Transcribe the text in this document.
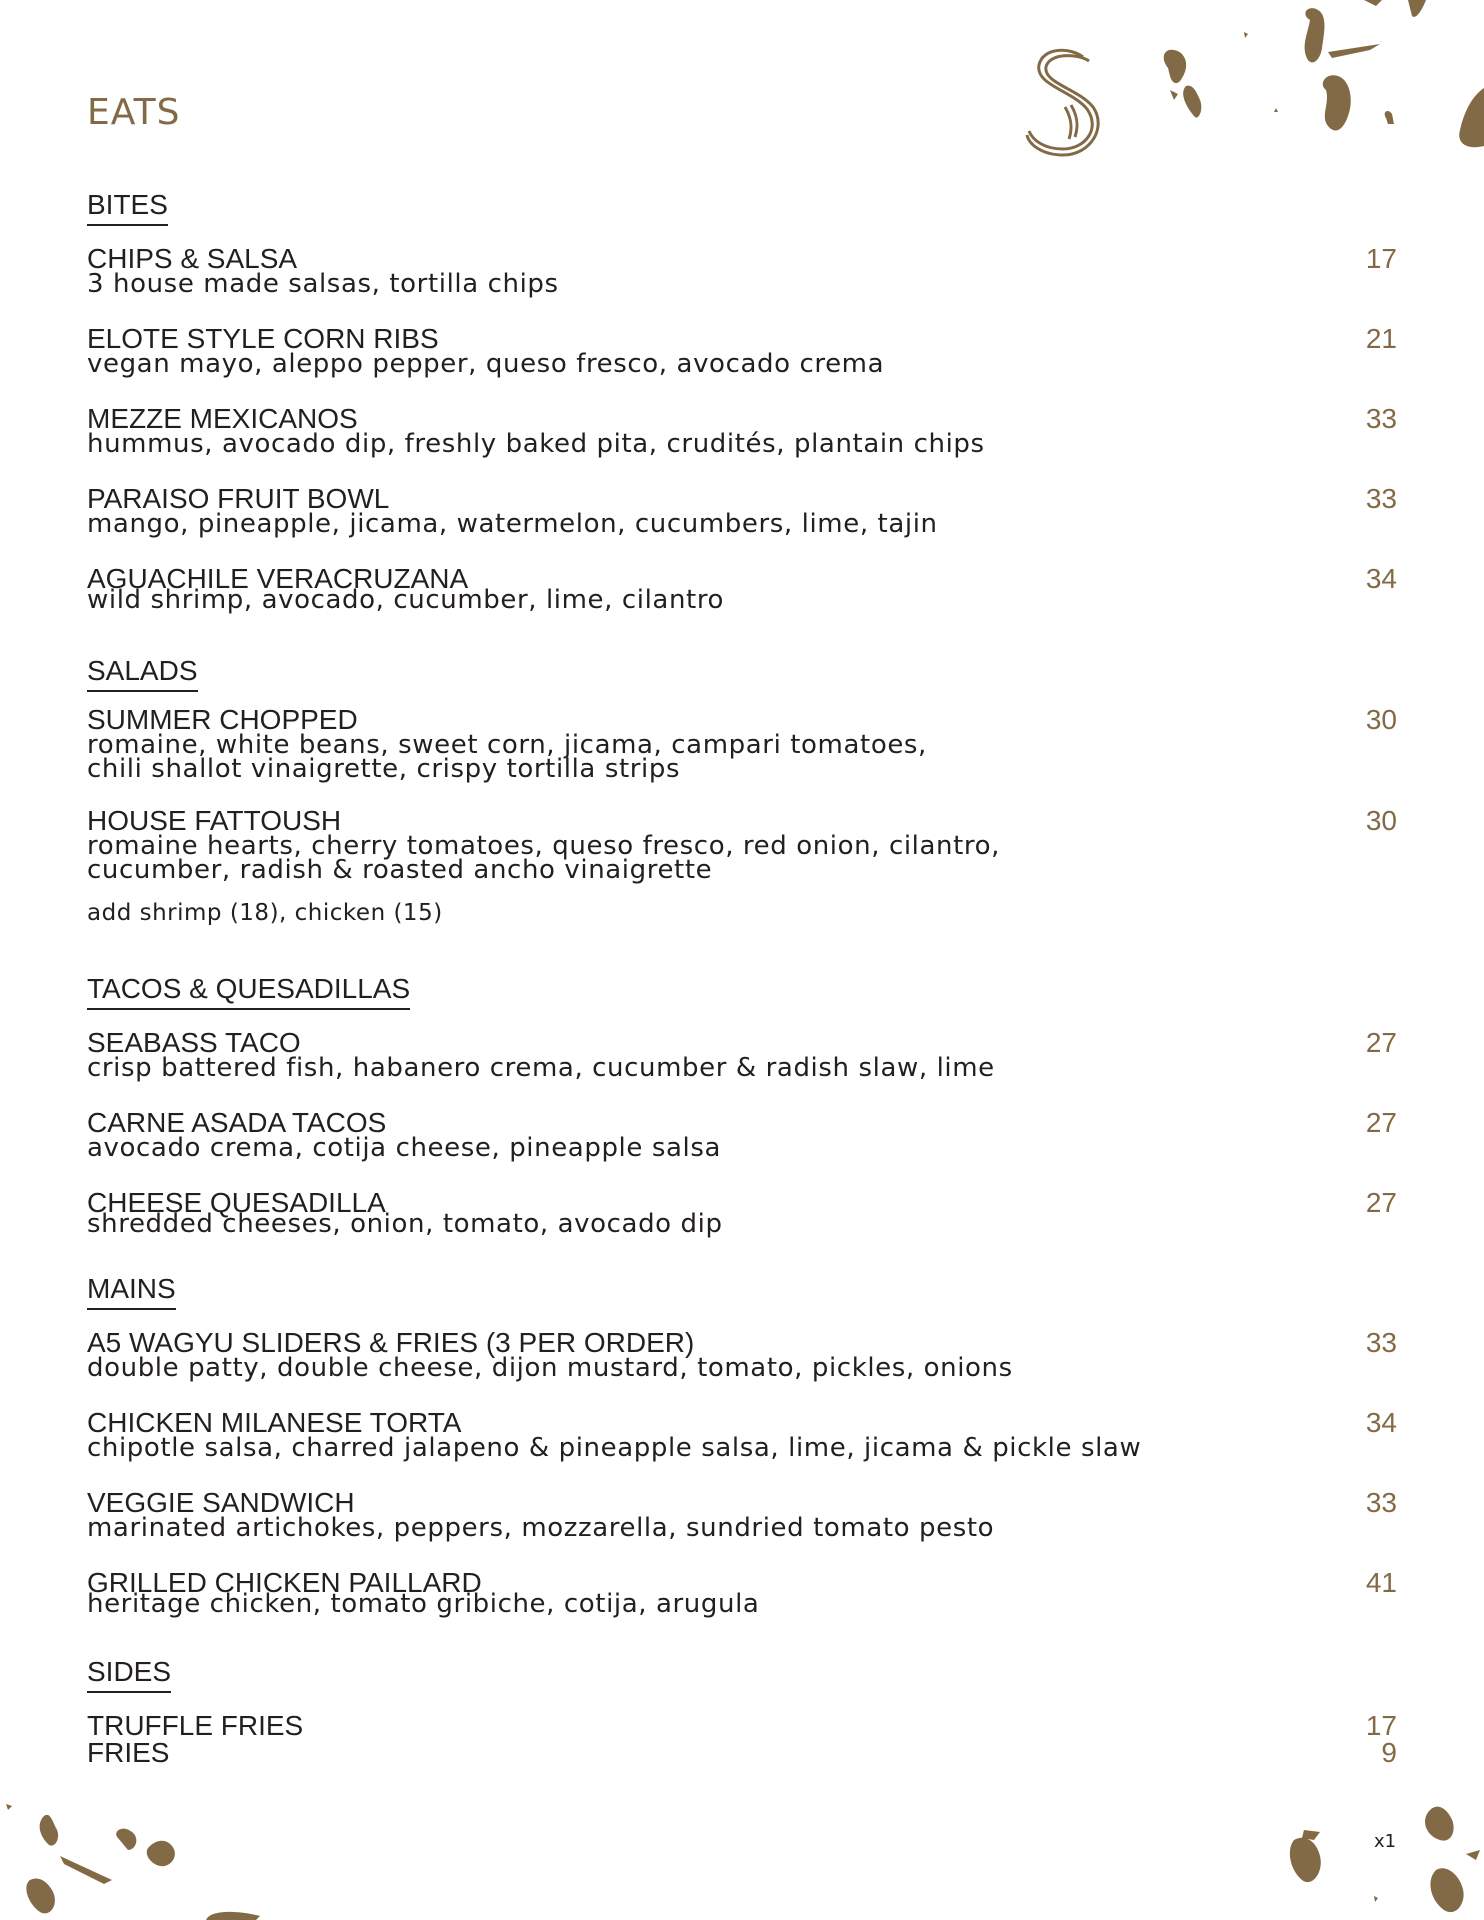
EATS
BITES
CHIPS & SALSA
3 house made salsas, tortilla chips
17
ELOTE STYLE CORN RIBS
vegan mayo, aleppo pepper, queso fresco, avocado crema
21
MEZZE MEXICANOS
hummus, avocado dip, freshly baked pita, crudités, plantain chips
33
PARAISO FRUIT BOWL
mango, pineapple, jicama, watermelon, cucumbers, lime, tajin
33
AGUACHILE VERACRUZANA
wild shrimp, avocado, cucumber, lime, cilantro
34
SALADS
SUMMER CHOPPED
romaine, white beans, sweet corn, jicama, campari tomatoes,
chili shallot vinaigrette, crispy tortilla strips
30
HOUSE FATTOUSH
romaine hearts, cherry tomatoes, queso fresco, red onion, cilantro,
cucumber, radish & roasted ancho vinaigrette
30
add shrimp (18), chicken (15)
TACOS & QUESADILLAS
SEABASS TACO
crisp battered fish, habanero crema, cucumber & radish slaw, lime
27
CARNE ASADA TACOS
avocado crema, cotija cheese, pineapple salsa
27
CHEESE QUESADILLA
shredded cheeses, onion, tomato, avocado dip
27
MAINS
A5 WAGYU SLIDERS & FRIES (3 PER ORDER)
double patty, double cheese, dijon mustard, tomato, pickles, onions
33
CHICKEN MILANESE TORTA
chipotle salsa, charred jalapeno & pineapple salsa, lime, jicama & pickle slaw
34
VEGGIE SANDWICH
marinated artichokes, peppers, mozzarella, sundried tomato pesto
33
GRILLED CHICKEN PAILLARD
heritage chicken, tomato gribiche, cotija, arugula
41
SIDES
TRUFFLE FRIES	17
FRIES	9
x1
